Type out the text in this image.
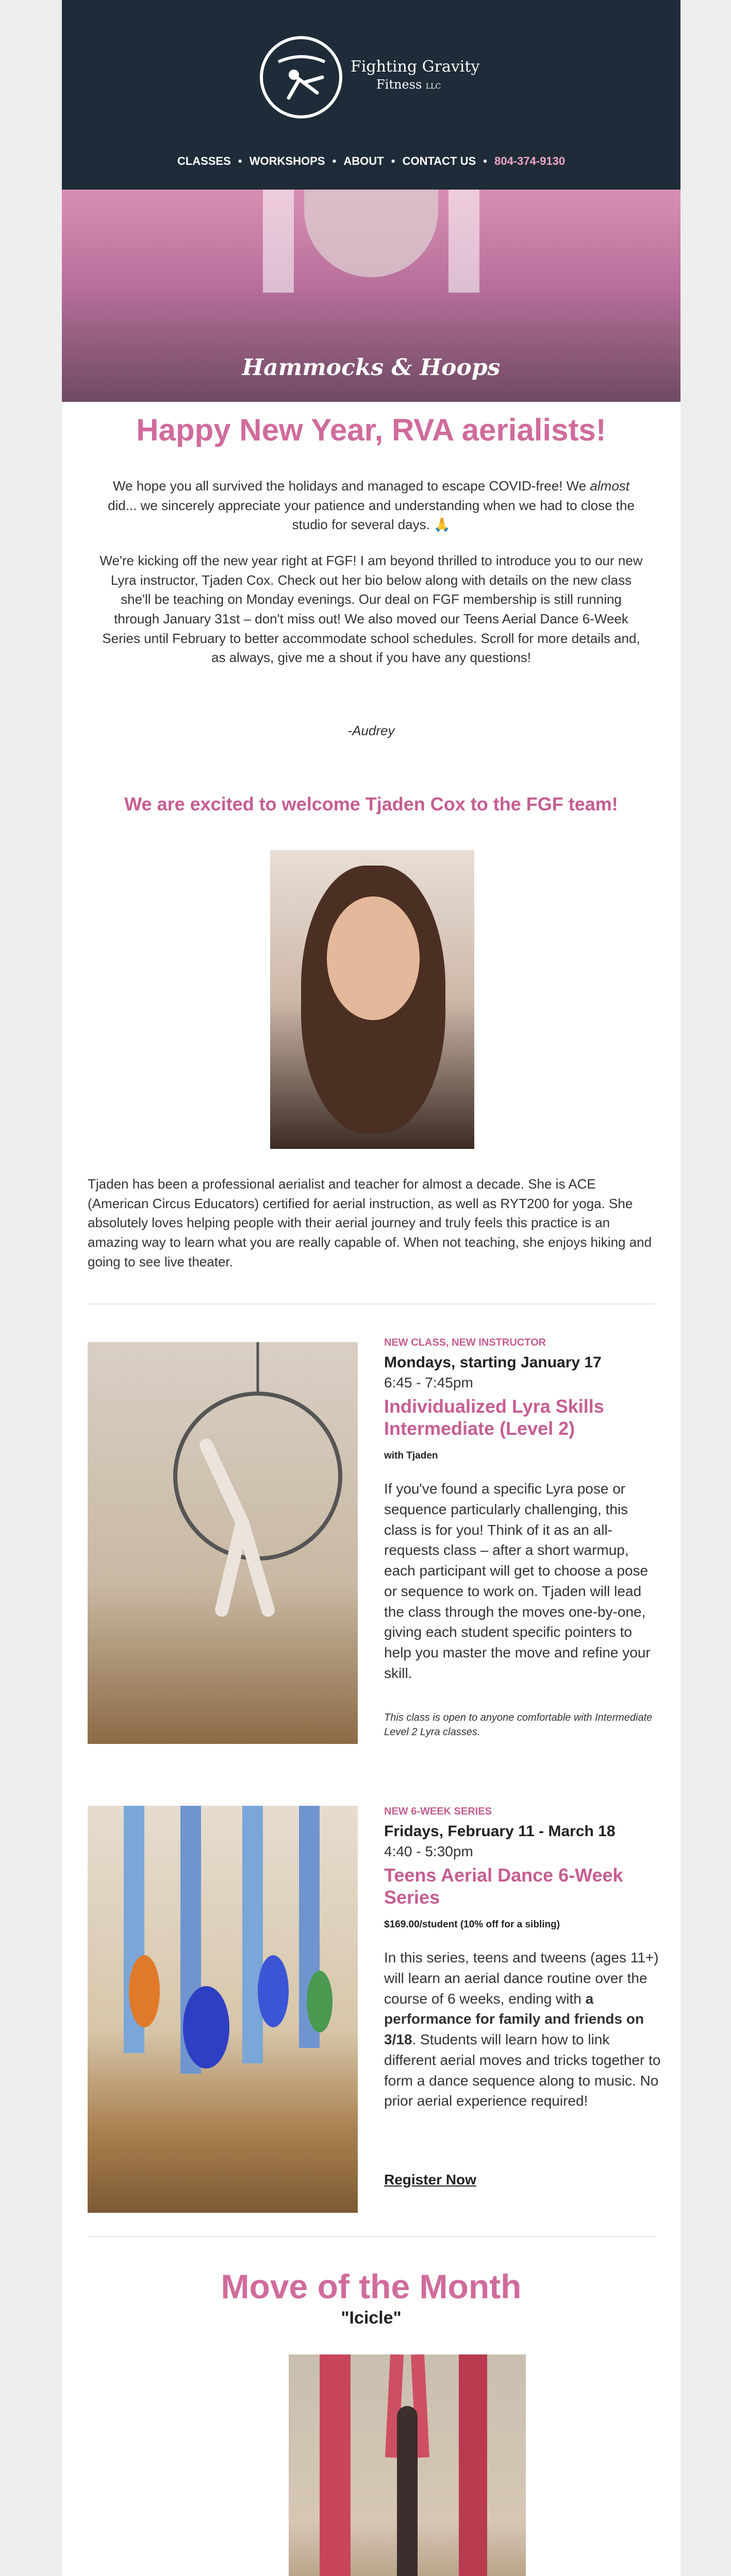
Fighting Gravity
Fitness LLC
CLASSES • WORKSHOPS • ABOUT • CONTACT US • 804-374-9130
Hammocks & Hoops
Happy New Year, RVA aerialists!
We hope you all survived the holidays and managed to escape COVID-free! We almost did... we sincerely appreciate your patience and understanding when we had to close the studio for several days. 🙏
We're kicking off the new year right at FGF! I am beyond thrilled to introduce you to our new Lyra instructor, Tjaden Cox. Check out her bio below along with details on the new class she'll be teaching on Monday evenings. Our deal on FGF membership is still running through January 31st – don't miss out! We also moved our Teens Aerial Dance 6-Week Series until February to better accommodate school schedules. Scroll for more details and, as always, give me a shout if you have any questions!
-Audrey
We are excited to welcome Tjaden Cox to the FGF team!
Tjaden has been a professional aerialist and teacher for almost a decade. She is ACE (American Circus Educators) certified for aerial instruction, as well as RYT200 for yoga. She absolutely loves helping people with their aerial journey and truly feels this practice is an amazing way to learn what you are really capable of. When not teaching, she enjoys hiking and going to see live theater.
NEW CLASS, NEW INSTRUCTOR
Mondays, starting January 17
6:45 - 7:45pm
Individualized Lyra Skills Intermediate (Level 2)
with Tjaden
If you've found a specific Lyra pose or sequence particularly challenging, this class is for you! Think of it as an all-requests class – after a short warmup, each participant will get to choose a pose or sequence to work on. Tjaden will lead the class through the moves one-by-one, giving each student specific pointers to help you master the move and refine your skill.
This class is open to anyone comfortable with Intermediate Level 2 Lyra classes.
NEW 6-WEEK SERIES
Fridays, February 11 - March 18
4:40 - 5:30pm
Teens Aerial Dance 6-Week Series
$169.00/student (10% off for a sibling)
In this series, teens and tweens (ages 11+) will learn an aerial dance routine over the course of 6 weeks, ending with a performance for family and friends on 3/18. Students will learn how to link different aerial moves and tricks together to form a dance sequence along to music. No prior aerial experience required!
Register Now
Move of the Month
"Icicle"
